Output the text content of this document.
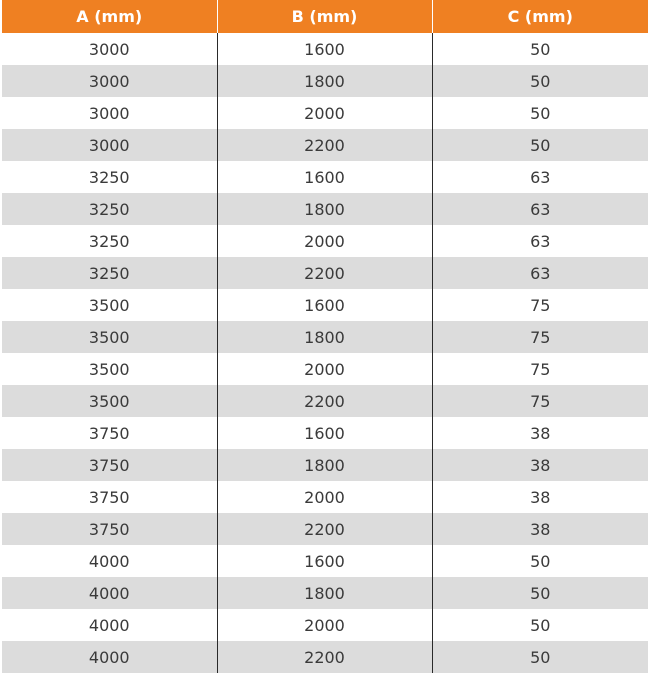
A (mm)	B (mm)	C (mm)
3000	1600	50
3000	1800	50
3000	2000	50
3000	2200	50
3250	1600	63
3250	1800	63
3250	2000	63
3250	2200	63
3500	1600	75
3500	1800	75
3500	2000	75
3500	2200	75
3750	1600	38
3750	1800	38
3750	2000	38
3750	2200	38
4000	1600	50
4000	1800	50
4000	2000	50
4000	2200	50
